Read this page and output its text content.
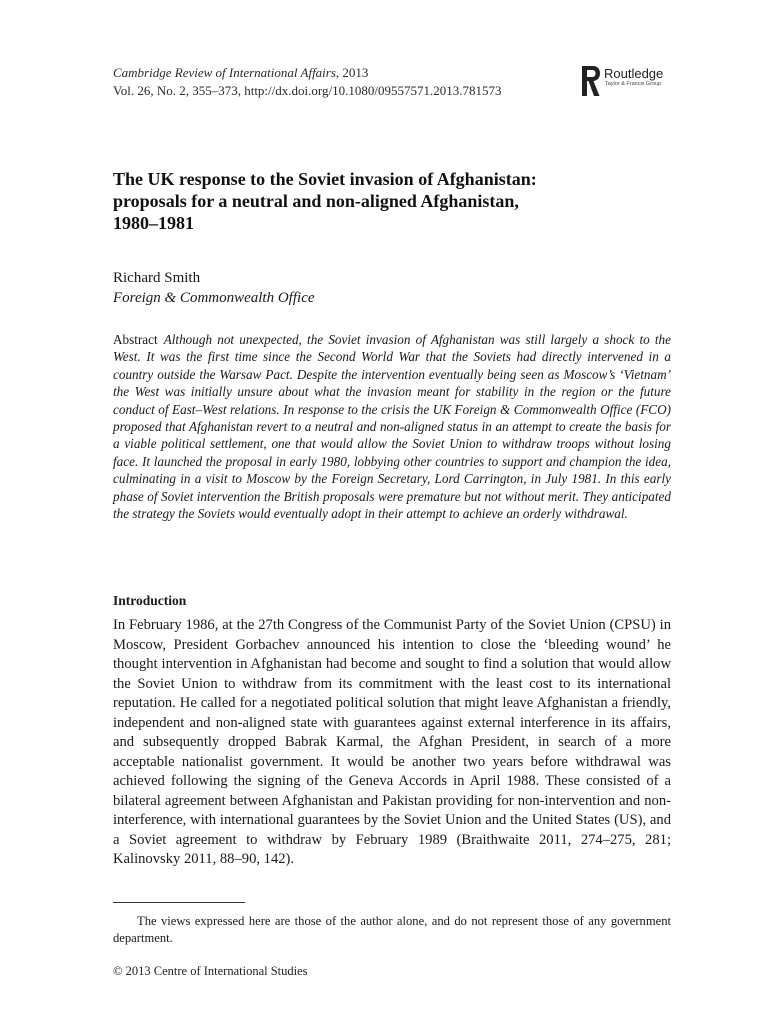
Cambridge Review of International Affairs, 2013
Vol. 26, No. 2, 355–373, http://dx.doi.org/10.1080/09557571.2013.781573
Routledge
Taylor & Francis Group
The UK response to the Soviet invasion of Afghanistan:
proposals for a neutral and non-aligned Afghanistan,
1980–1981
Richard Smith
Foreign & Commonwealth Office

Abstract Although not unexpected, the Soviet invasion of Afghanistan was still largely a shock to the West. It was the first time since the Second World War that the Soviets had directly intervened in a country outside the Warsaw Pact. Despite the intervention eventually being seen as Moscow’s ‘Vietnam’ the West was initially unsure about what the invasion meant for stability in the region or the future conduct of East–West relations. In response to the crisis the UK Foreign & Commonwealth Office (FCO) proposed that Afghanistan revert to a neutral and non-aligned status in an attempt to create the basis for a viable political settlement, one that would allow the Soviet Union to withdraw troops without losing face. It launched the proposal in early 1980, lobbying other countries to support and champion the idea, culminating in a visit to Moscow by the Foreign Secretary, Lord Carrington, in July 1981. In this early phase of Soviet intervention the British proposals were premature but not without merit. They anticipated the strategy the Soviets would eventually adopt in their attempt to achieve an orderly withdrawal.

Introduction

In February 1986, at the 27th Congress of the Communist Party of the Soviet Union (CPSU) in Moscow, President Gorbachev announced his intention to close the ‘bleeding wound’ he thought intervention in Afghanistan had become and sought to find a solution that would allow the Soviet Union to withdraw from its commitment with the least cost to its international reputation. He called for a negotiated political solution that might leave Afghanistan a friendly, independent and non-aligned state with guarantees against external interference in its affairs, and subsequently dropped Babrak Karmal, the Afghan President, in search of a more acceptable nationalist government. It would be another two years before withdrawal was achieved following the signing of the Geneva Accords in April 1988. These consisted of a bilateral agreement between Afghanistan and Pakistan providing for non-intervention and non-interference, with international guarantees by the Soviet Union and the United States (US), and a Soviet agreement to withdraw by February 1989 (Braithwaite 2011, 274–275, 281; Kalinovsky 2011, 88–90, 142).

The views expressed here are those of the author alone, and do not represent those of any government department.

© 2013 Centre of International Studies
